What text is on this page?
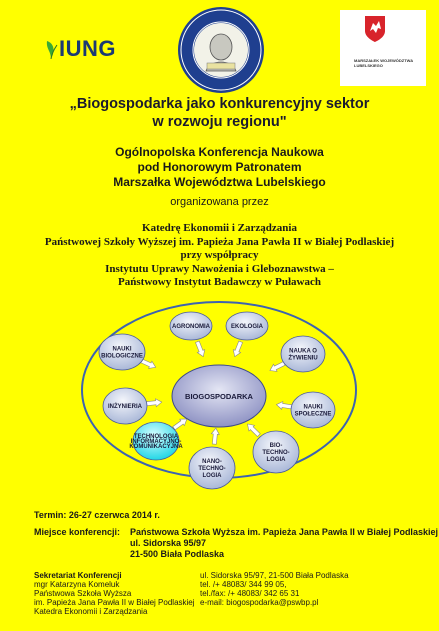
IUNG	MARSZAŁEK WOJEWÓDZTWA LUBELSKIEGO
„Biogospodarka jako konkurencyjny sektor
w rozwoju regionu"
Ogólnopolska Konferencja Naukowa
pod Honorowym Patronatem
Marszałka Województwa Lubelskiego
organizowana przez
Katedrę Ekonomii i Zarządzania
Państwowej Szkoły Wyższej im. Papieża Jana Pawła II w Białej Podlaskiej
przy współpracy
Instytutu Uprawy Nawożenia i Gleboznawstwa –
Państwowy Instytut Badawczy w Puławach
BIOGOSPODARKA
AGRONOMIA	EKOLOGIA
NAUKA O ŻYWIENIU
NAUKI SPOŁECZNE
BIO-TECHNO-LOGIA
NANO-TECHNO-LOGIA
TECHNOLOGIA INFORMACYJNO-KOMUNIKACYJNA
INŻYNIERIA
NAUKI BIOLOGICZNE
Termin: 26-27 czerwca 2014 r.
Miejsce konferencji: Państwowa Szkoła Wyższa im. Papieża Jana Pawła II w Białej Podlaskiej
ul. Sidorska 95/97
21-500 Biała Podlaska
Sekretariat Konferencji
mgr Katarzyna Komeluk
Państwowa Szkoła Wyższa
im. Papieża Jana Pawła II w Białej Podlaskiej
Katedra Ekonomii i Zarządzania
ul. Sidorska 95/97, 21-500 Biała Podlaska
tel. /+ 48083/ 344 99 05,
tel./fax: /+ 48083/ 342 65 31
e-mail: biogospodarka@pswbp.pl
